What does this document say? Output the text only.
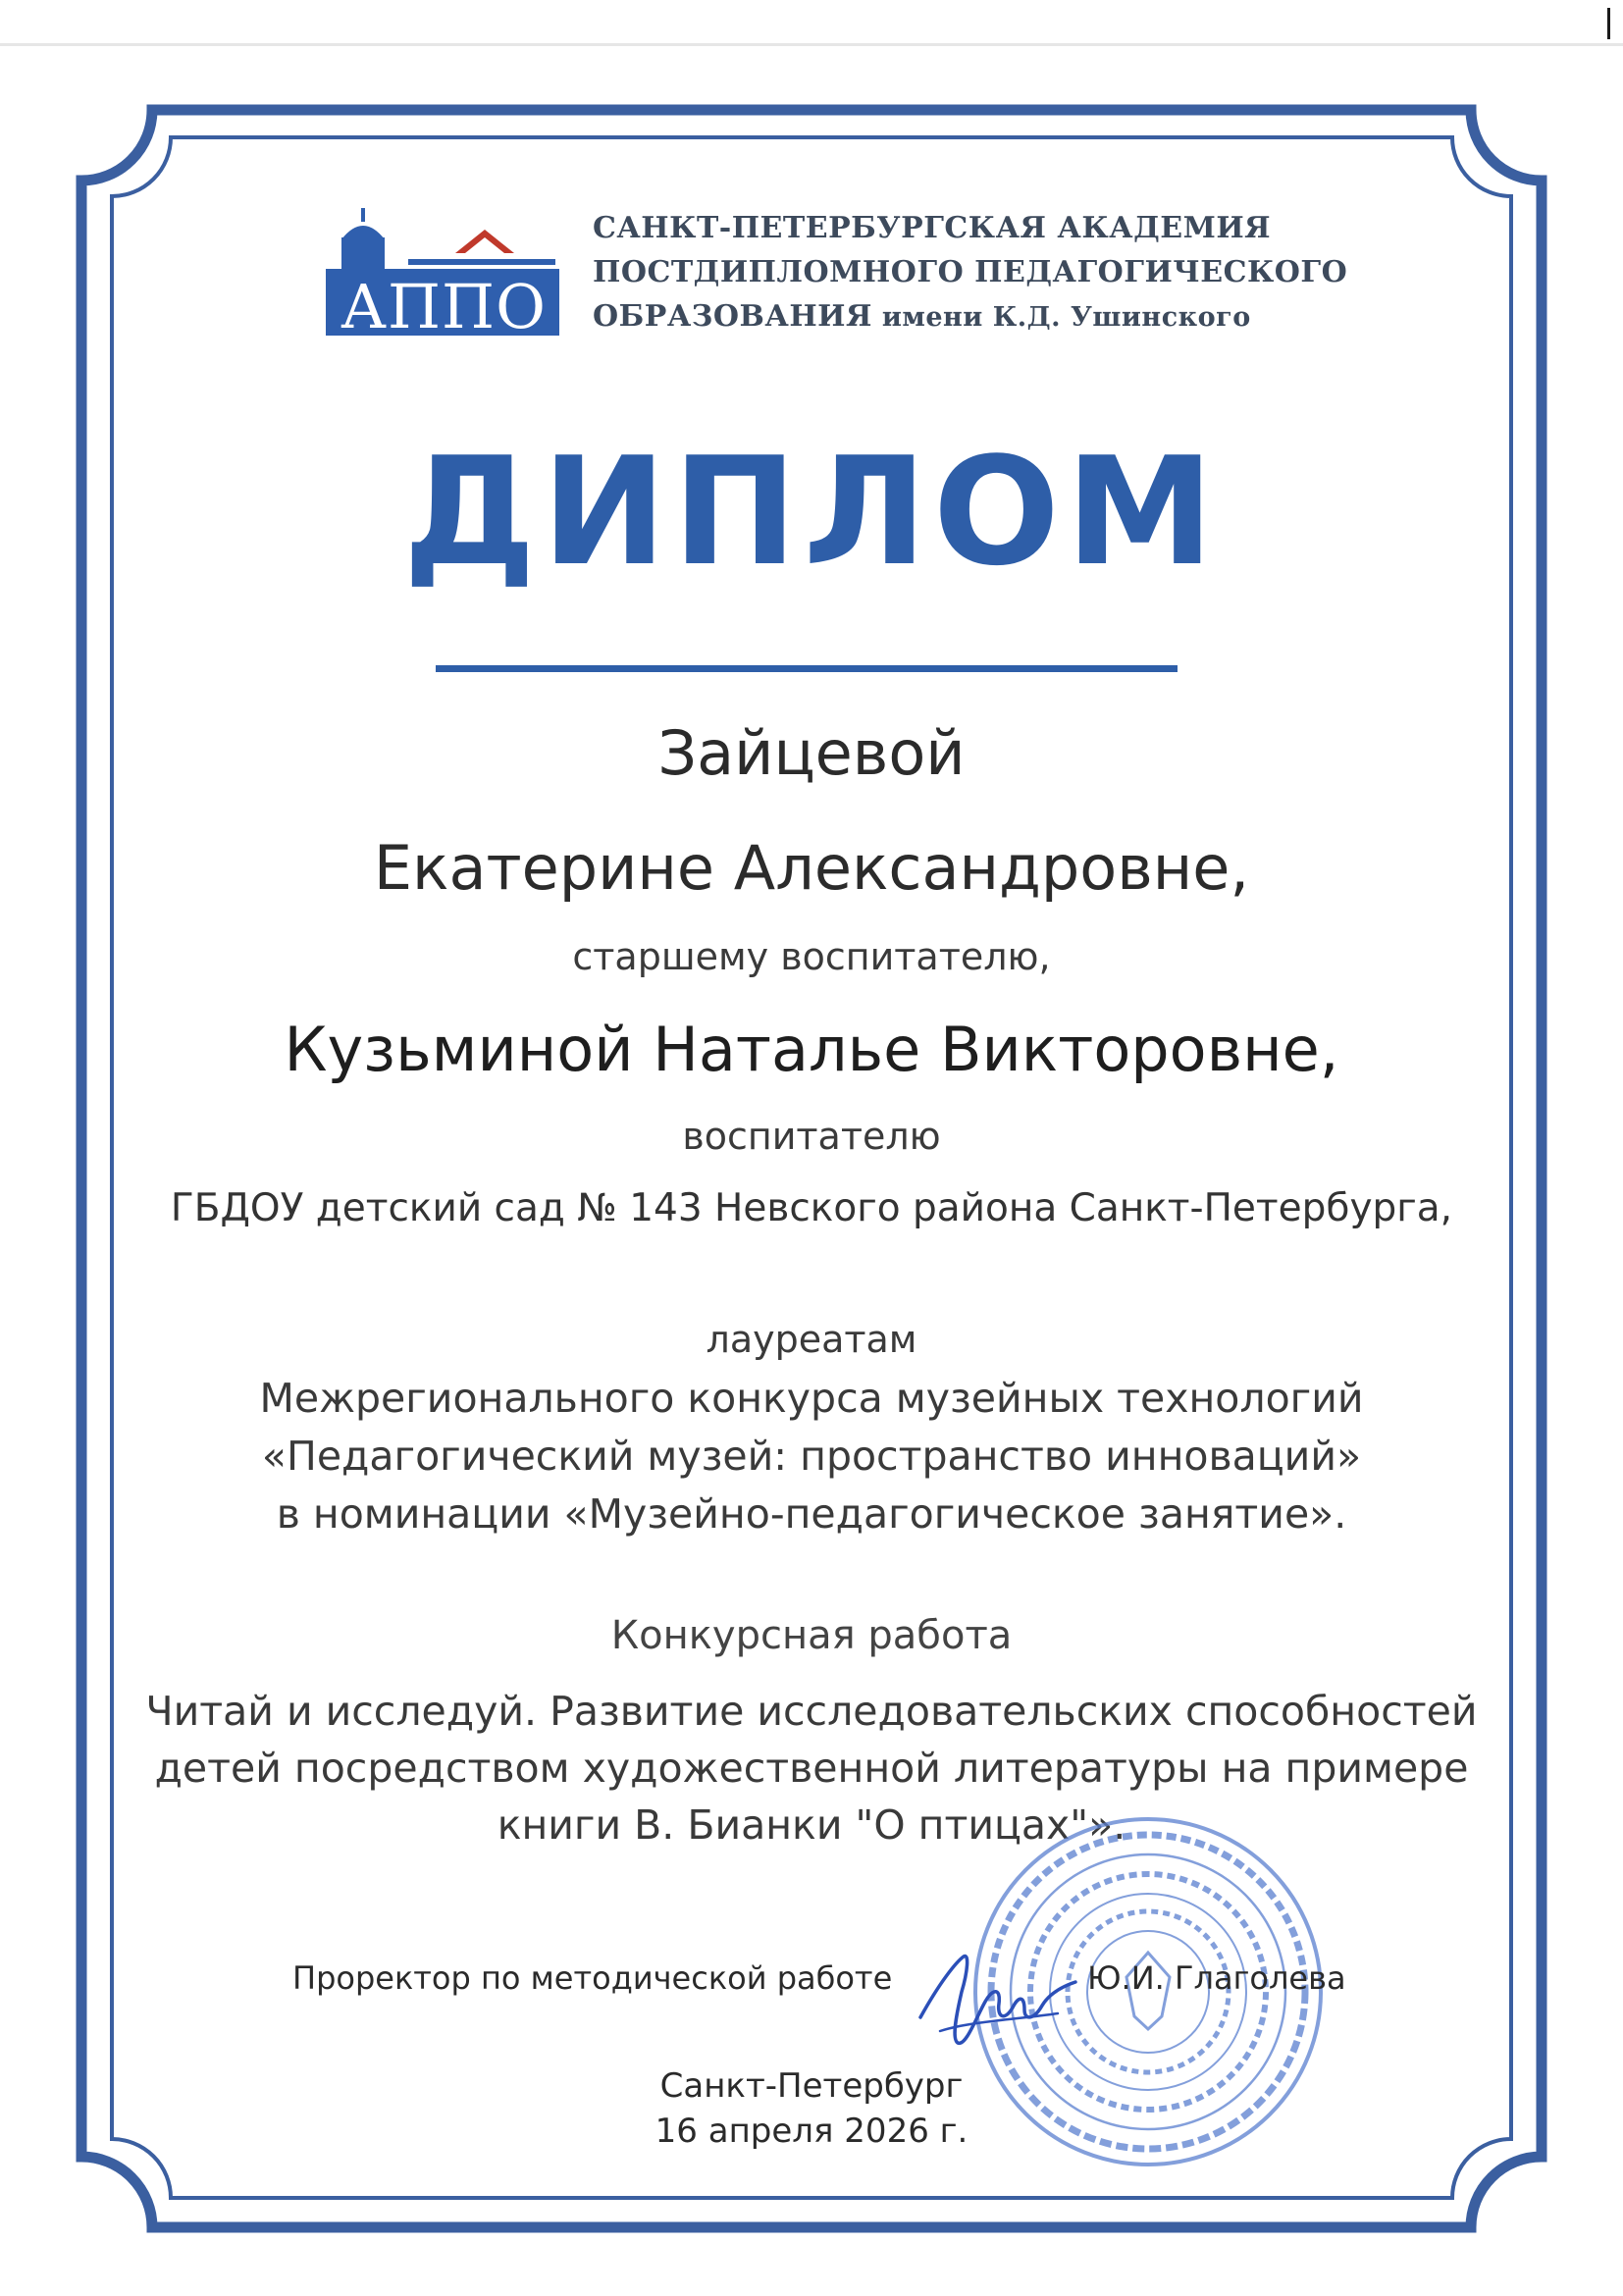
АППО
САНКТ-ПЕТЕРБУРГСКАЯ АКАДЕМИЯ
ПОСТДИПЛОМНОГО ПЕДАГОГИЧЕСКОГО
ОБРАЗОВАНИЯ имени К.Д. Ушинского
ДИПЛОМ
Зайцевой
Екатерине Александровне,
старшему воспитателю,
Кузьминой Наталье Викторовне,
воспитателю
ГБДОУ детский сад № 143 Невского района Санкт-Петербурга,
лауреатам
Межрегионального конкурса музейных технологий
«Педагогический музей: пространство инноваций»
в номинации «Музейно-педагогическое занятие».
Конкурсная работа
Читай и исследуй. Развитие исследовательских способностей
детей посредством художественной литературы на примере
книги В. Бианки "О птицах"».
Проректор по методической работе	Ю.И. Глаголева
Санкт-Петербург
16 апреля 2026 г.
